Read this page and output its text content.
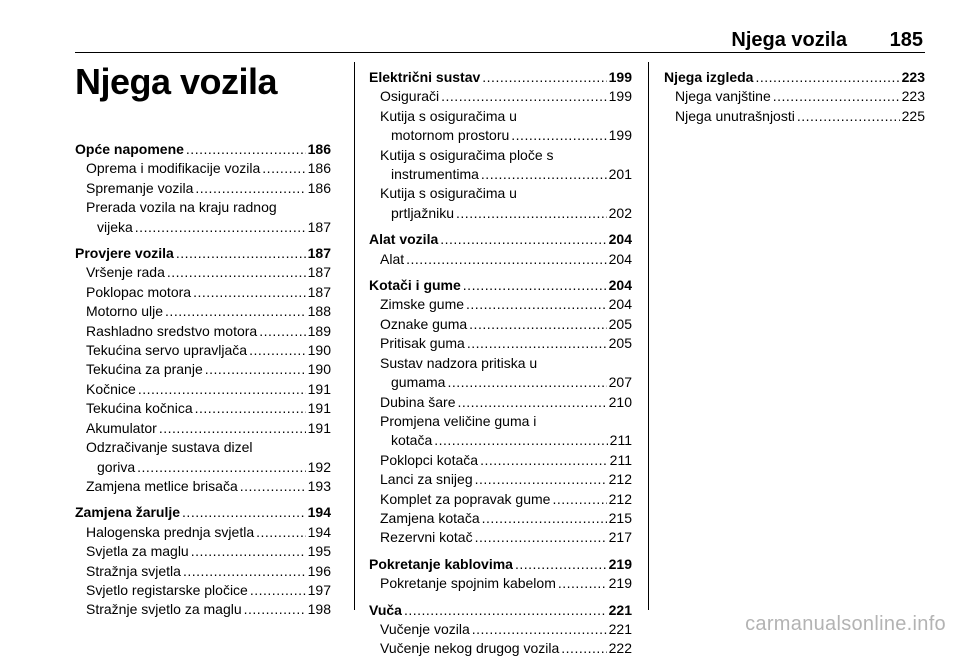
Njega vozila 185
Njega vozila
Opće napomene .....	186
Oprema i modifikacije vozila .....	186
Spremanje vozila .....	186
Prerada vozila na kraju radnog
vijeka .....	187
Provjere vozila .....	187
Vršenje rada .....	187
Poklopac motora .....	187
Motorno ulje .....	188
Rashladno sredstvo motora .....	189
Tekućina servo upravljača .....	190
Tekućina za pranje .....	190
Kočnice .....	191
Tekućina kočnica .....	191
Akumulator .....	191
Odzračivanje sustava dizel
goriva .....	192
Zamjena metlice brisača .....	193
Zamjena žarulje .....	194
Halogenska prednja svjetla .....	194
Svjetla za maglu .....	195
Stražnja svjetla .....	196
Svjetlo registarske pločice .....	197
Stražnje svjetlo za maglu .....	198
Električni sustav .....	199
Osigurači .....	199
Kutija s osiguračima u
motornom prostoru .....	199
Kutija s osiguračima ploče s
instrumentima .....	201
Kutija s osiguračima u
prtljažniku .....	202
Alat vozila .....	204
Alat .....	204
Kotači i gume .....	204
Zimske gume .....	204
Oznake guma .....	205
Pritisak guma .....	205
Sustav nadzora pritiska u
gumama .....	207
Dubina šare .....	210
Promjena veličine guma i
kotača .....	211
Poklopci kotača .....	211
Lanci za snijeg .....	212
Komplet za popravak gume .....	212
Zamjena kotača .....	215
Rezervni kotač .....	217
Pokretanje kablovima .....	219
Pokretanje spojnim kabelom .....	219
Vuča .....	221
Vučenje vozila .....	221
Vučenje nekog drugog vozila .....	222
Njega izgleda .....	223
Njega vanjštine .....	223
Njega unutrašnjosti .....	225
carmanualsonline.info
